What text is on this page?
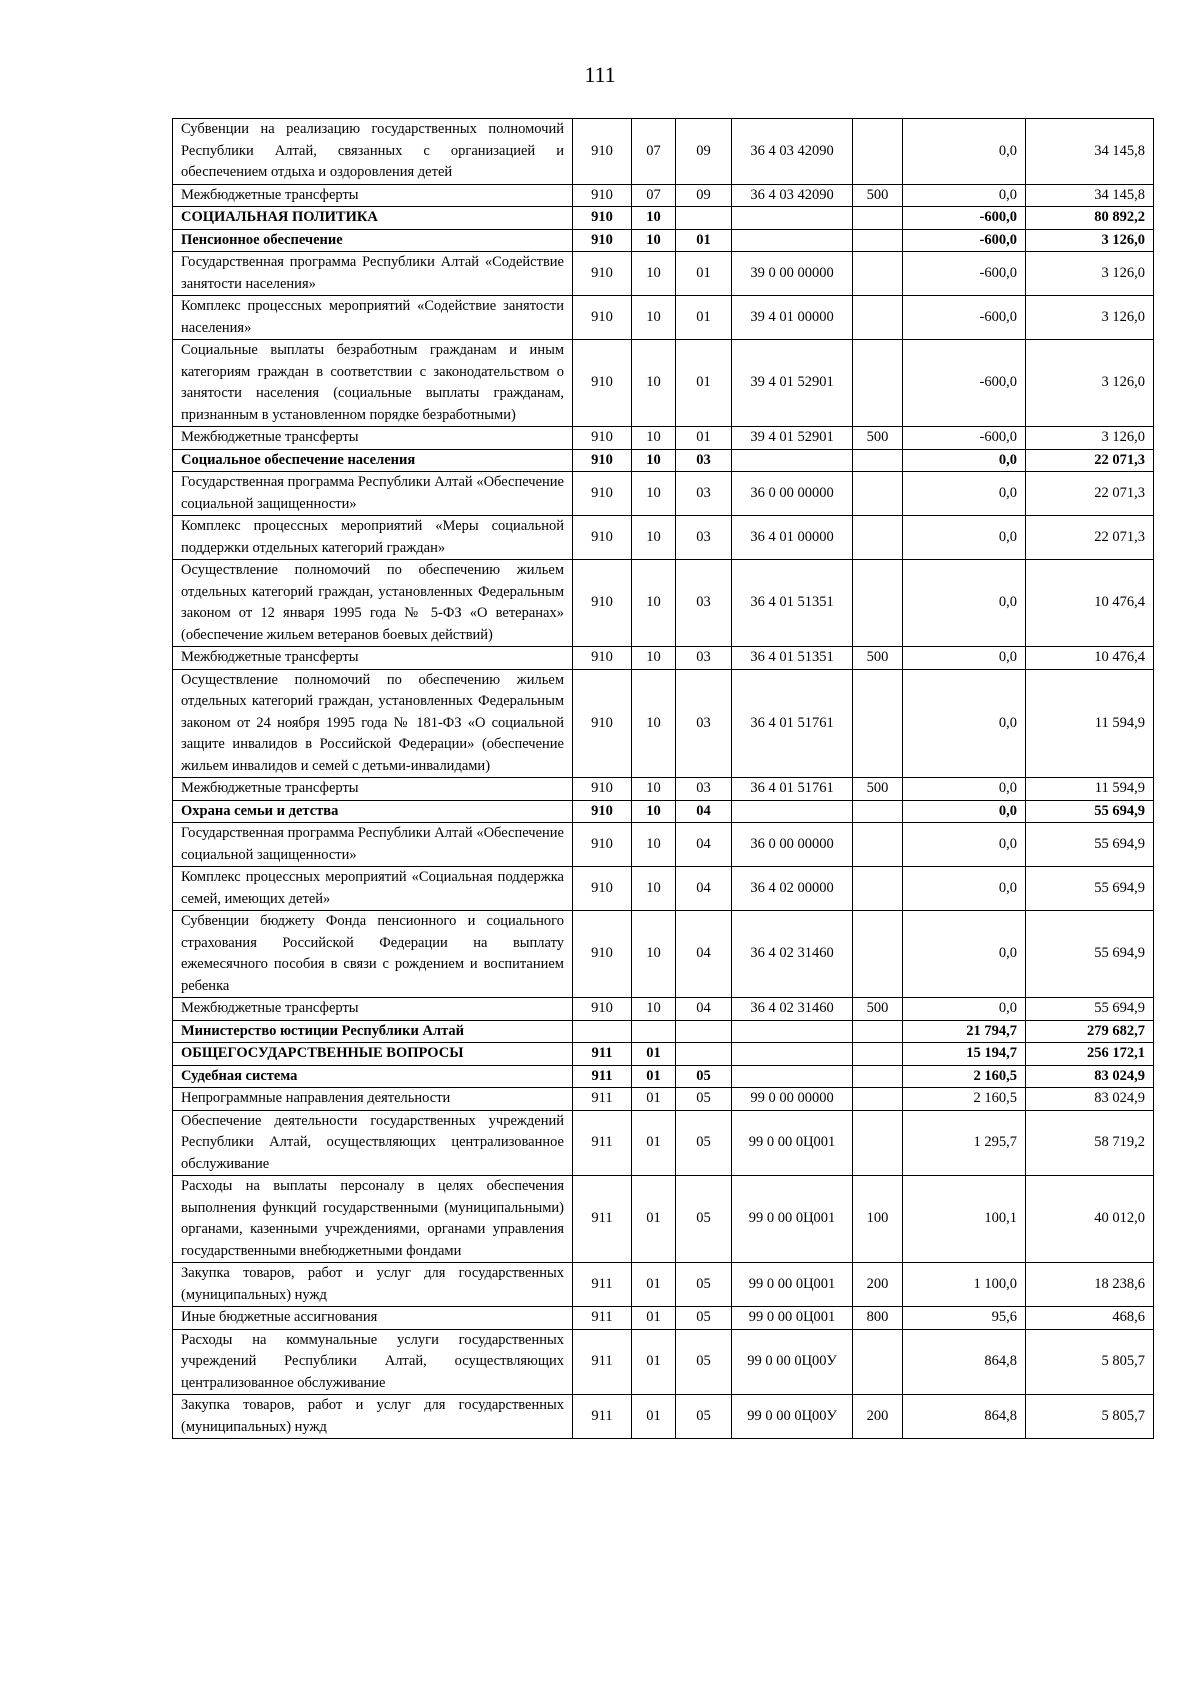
111
Субвенции на реализацию государственных полномочий Республики Алтай, связанных с организацией и обеспечением отдыха и оздоровления детей	910	07	09	36 4 03 42090		0,0	34 145,8
Межбюджетные трансферты	910	07	09	36 4 03 42090	500	0,0	34 145,8
СОЦИАЛЬНАЯ ПОЛИТИКА	910	10				-600,0	80 892,2
Пенсионное обеспечение	910	10	01			-600,0	3 126,0
Государственная программа Республики Алтай «Содействие занятости населения»	910	10	01	39 0 00 00000		-600,0	3 126,0
Комплекс процессных мероприятий «Содействие занятости населения»	910	10	01	39 4 01 00000		-600,0	3 126,0
Социальные выплаты безработным гражданам и иным категориям граждан в соответствии с законодательством о занятости населения (социальные выплаты гражданам, признанным в установленном порядке безработными)	910	10	01	39 4 01 52901		-600,0	3 126,0
Межбюджетные трансферты	910	10	01	39 4 01 52901	500	-600,0	3 126,0
Социальное обеспечение населения	910	10	03			0,0	22 071,3
Государственная программа Республики Алтай «Обеспечение социальной защищенности»	910	10	03	36 0 00 00000		0,0	22 071,3
Комплекс процессных мероприятий «Меры социальной поддержки отдельных категорий граждан»	910	10	03	36 4 01 00000		0,0	22 071,3
Осуществление полномочий по обеспечению жильем отдельных категорий граждан, установленных Федеральным законом от 12 января 1995 года № 5-ФЗ «О ветеранах» (обеспечение жильем ветеранов боевых действий)	910	10	03	36 4 01 51351		0,0	10 476,4
Межбюджетные трансферты	910	10	03	36 4 01 51351	500	0,0	10 476,4
Осуществление полномочий по обеспечению жильем отдельных категорий граждан, установленных Федеральным законом от 24 ноября 1995 года № 181-ФЗ «О социальной защите инвалидов в Российской Федерации» (обеспечение жильем инвалидов и семей с детьми-инвалидами)	910	10	03	36 4 01 51761		0,0	11 594,9
Межбюджетные трансферты	910	10	03	36 4 01 51761	500	0,0	11 594,9
Охрана семьи и детства	910	10	04			0,0	55 694,9
Государственная программа Республики Алтай «Обеспечение социальной защищенности»	910	10	04	36 0 00 00000		0,0	55 694,9
Комплекс процессных мероприятий «Социальная поддержка семей, имеющих детей»	910	10	04	36 4 02 00000		0,0	55 694,9
Субвенции бюджету Фонда пенсионного и социального страхования Российской Федерации на выплату ежемесячного пособия в связи с рождением и воспитанием ребенка	910	10	04	36 4 02 31460		0,0	55 694,9
Межбюджетные трансферты	910	10	04	36 4 02 31460	500	0,0	55 694,9
Министерство юстиции Республики Алтай						21 794,7	279 682,7
ОБЩЕГОСУДАРСТВЕННЫЕ ВОПРОСЫ	911	01				15 194,7	256 172,1
Судебная система	911	01	05			2 160,5	83 024,9
Непрограммные направления деятельности	911	01	05	99 0 00 00000		2 160,5	83 024,9
Обеспечение деятельности государственных учреждений Республики Алтай, осуществляющих централизованное обслуживание	911	01	05	99 0 00 0Ц001		1 295,7	58 719,2
Расходы на выплаты персоналу в целях обеспечения выполнения функций государственными (муниципальными) органами, казенными учреждениями, органами управления государственными внебюджетными фондами	911	01	05	99 0 00 0Ц001	100	100,1	40 012,0
Закупка товаров, работ и услуг для государственных (муниципальных) нужд	911	01	05	99 0 00 0Ц001	200	1 100,0	18 238,6
Иные бюджетные ассигнования	911	01	05	99 0 00 0Ц001	800	95,6	468,6
Расходы на коммунальные услуги государственных учреждений Республики Алтай, осуществляющих централизованное обслуживание	911	01	05	99 0 00 0Ц00У		864,8	5 805,7
Закупка товаров, работ и услуг для государственных (муниципальных) нужд	911	01	05	99 0 00 0Ц00У	200	864,8	5 805,7
